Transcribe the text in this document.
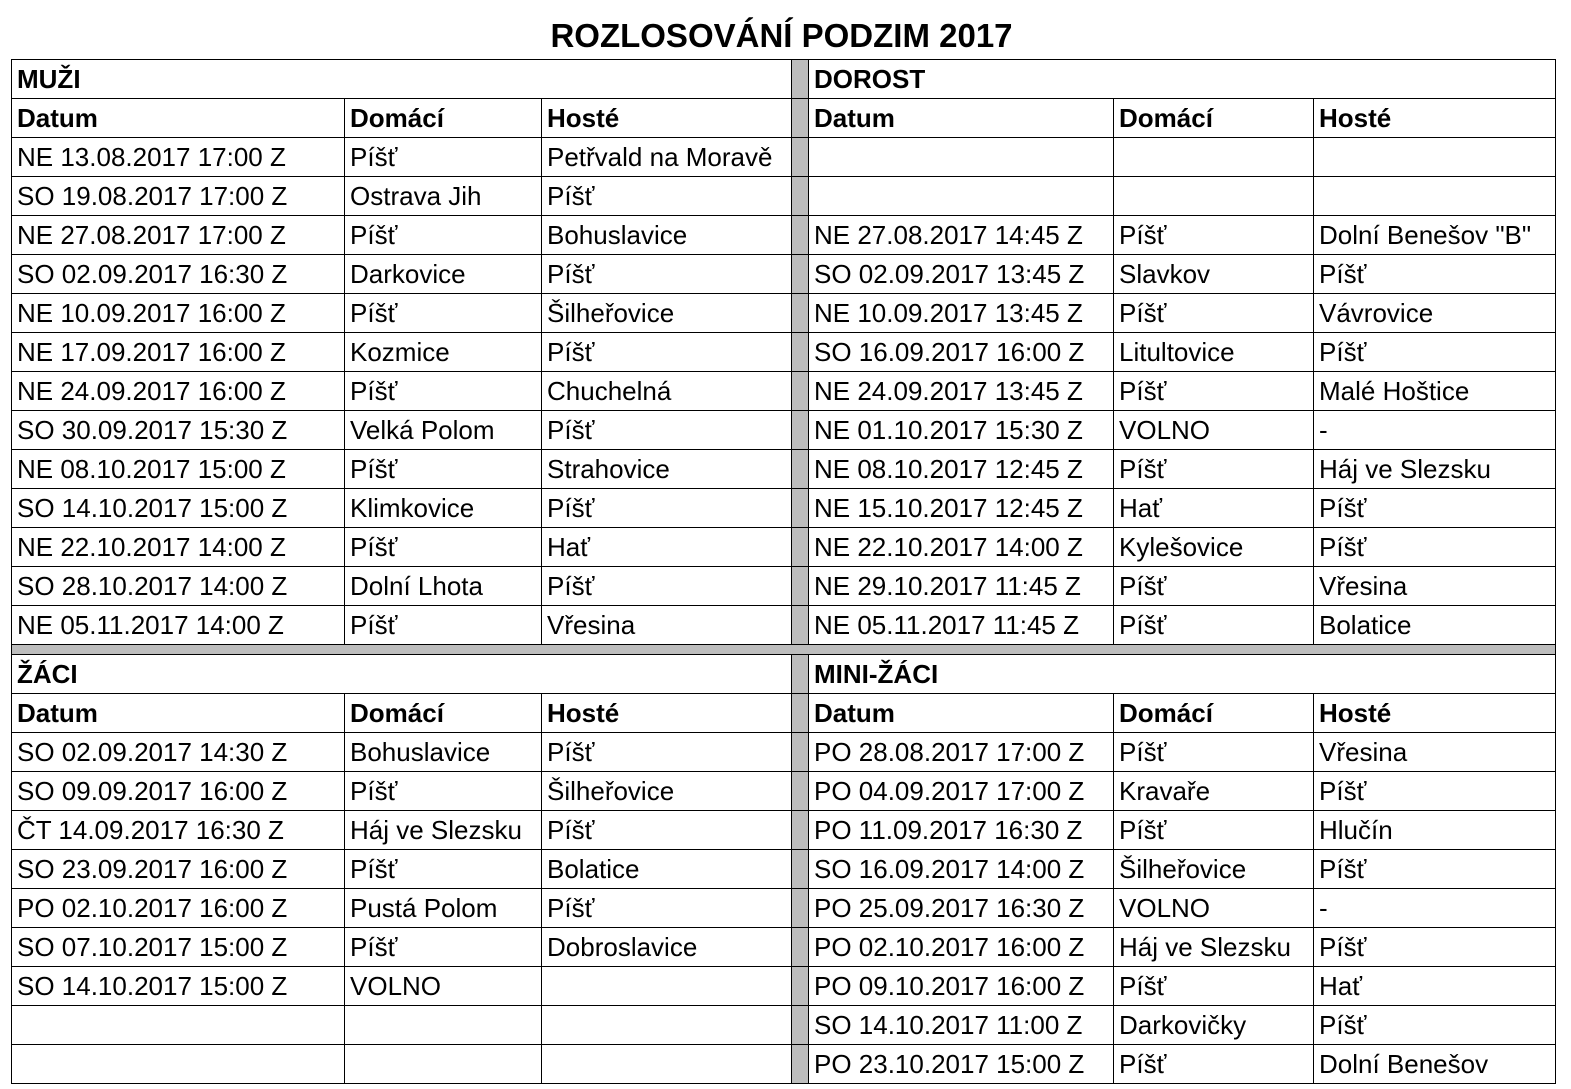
ROZLOSOVÁNÍ PODZIM 2017
MUŽI				DOROST		
Datum	Domácí	Hosté		Datum	Domácí	Hosté
NE 13.08.2017 17:00 Z	Píšť	Petřvald na Moravě				
SO 19.08.2017 17:00 Z	Ostrava Jih	Píšť				
NE 27.08.2017 17:00 Z	Píšť	Bohuslavice		NE 27.08.2017 14:45 Z	Píšť	Dolní Benešov "B"
SO 02.09.2017 16:30 Z	Darkovice	Píšť		SO 02.09.2017 13:45 Z	Slavkov	Píšť
NE 10.09.2017 16:00 Z	Píšť	Šilheřovice		NE 10.09.2017 13:45 Z	Píšť	Vávrovice
NE 17.09.2017 16:00 Z	Kozmice	Píšť		SO 16.09.2017 16:00 Z	Litultovice	Píšť
NE 24.09.2017 16:00 Z	Píšť	Chuchelná		NE 24.09.2017 13:45 Z	Píšť	Malé Hoštice
SO 30.09.2017 15:30 Z	Velká Polom	Píšť		NE 01.10.2017 15:30 Z	VOLNO	-
NE 08.10.2017 15:00 Z	Píšť	Strahovice		NE 08.10.2017 12:45 Z	Píšť	Háj ve Slezsku
SO 14.10.2017 15:00 Z	Klimkovice	Píšť		NE 15.10.2017 12:45 Z	Hať	Píšť
NE 22.10.2017 14:00 Z	Píšť	Hať		NE 22.10.2017 14:00 Z	Kylešovice	Píšť
SO 28.10.2017 14:00 Z	Dolní Lhota	Píšť		NE 29.10.2017 11:45 Z	Píšť	Vřesina
NE 05.11.2017 14:00 Z	Píšť	Vřesina		NE 05.11.2017 11:45 Z	Píšť	Bolatice

ŽÁCI				MINI-ŽÁCI		
Datum	Domácí	Hosté		Datum	Domácí	Hosté
SO 02.09.2017 14:30 Z	Bohuslavice	Píšť		PO 28.08.2017 17:00 Z	Píšť	Vřesina
SO 09.09.2017 16:00 Z	Píšť	Šilheřovice		PO 04.09.2017 17:00 Z	Kravaře	Píšť
ČT 14.09.2017 16:30 Z	Háj ve Slezsku	Píšť		PO 11.09.2017 16:30 Z	Píšť	Hlučín
SO 23.09.2017 16:00 Z	Píšť	Bolatice		SO 16.09.2017 14:00 Z	Šilheřovice	Píšť
PO 02.10.2017 16:00 Z	Pustá Polom	Píšť		PO 25.09.2017 16:30 Z	VOLNO	-
SO 07.10.2017 15:00 Z	Píšť	Dobroslavice		PO 02.10.2017 16:00 Z	Háj ve Slezsku	Píšť
SO 14.10.2017 15:00 Z	VOLNO			PO 09.10.2017 16:00 Z	Píšť	Hať
				SO 14.10.2017 11:00 Z	Darkovičky	Píšť
				PO 23.10.2017 15:00 Z	Píšť	Dolní Benešov
